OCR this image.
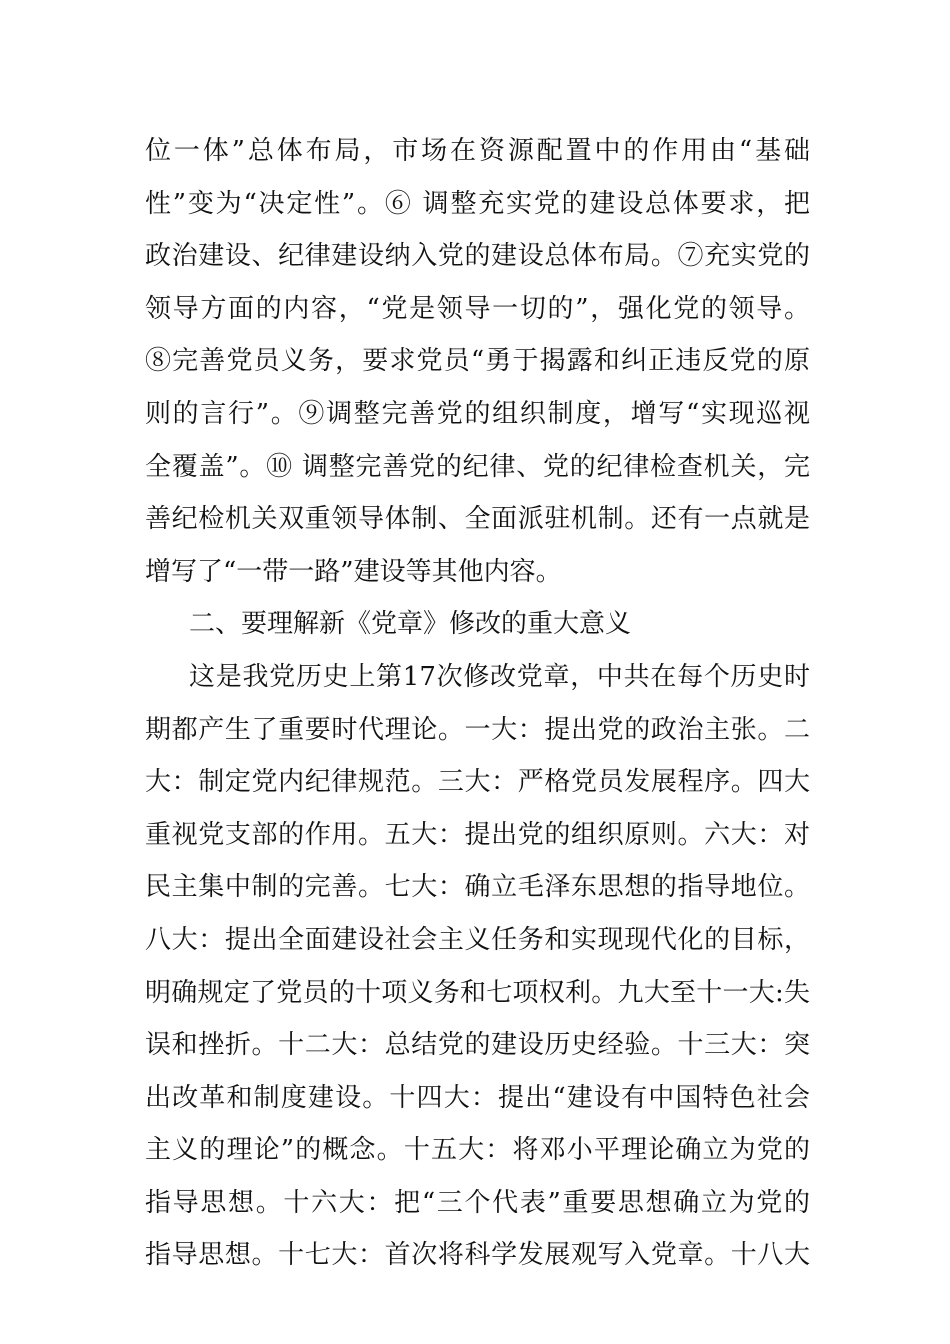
位一体”总体布局，市场在资源配置中的作用由“基础
性”变为“决定性”。⑥ 调整充实党的建设总体要求，把
政治建设、纪律建设纳入党的建设总体布局。⑦充实党的
领导方面的内容，“党是领导一切的”，强化党的领导。
⑧完善党员义务，要求党员“勇于揭露和纠正违反党的原
则的言行”。⑨调整完善党的组织制度，增写“实现巡视
全覆盖”。⑩ 调整完善党的纪律、党的纪律检查机关，完
善纪检机关双重领导体制、全面派驻机制。还有一点就是
增写了“一带一路”建设等其他内容。
二、要理解新《党章》修改的重大意义
这是我党历史上第17次修改党章，中共在每个历史时
期都产生了重要时代理论。一大：提出党的政治主张。二
大：制定党内纪律规范。三大：严格党员发展程序。四大
重视党支部的作用。五大：提出党的组织原则。六大：对
民主集中制的完善。七大：确立毛泽东思想的指导地位。
八大：提出全面建设社会主义任务和实现现代化的目标，
明确规定了党员的十项义务和七项权利。九大至十一大:失
误和挫折。十二大：总结党的建设历史经验。十三大：突
出改革和制度建设。十四大：提出“建设有中国特色社会
主义的理论”的概念。十五大：将邓小平理论确立为党的
指导思想。十六大：把“三个代表”重要思想确立为党的
指导思想。十七大：首次将科学发展观写入党章。十八大
